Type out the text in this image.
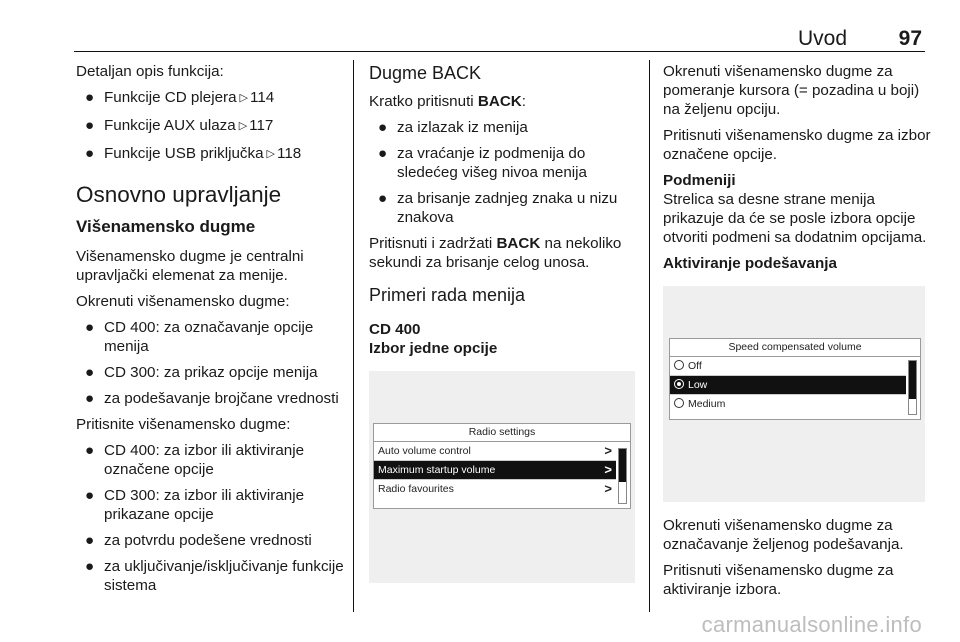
Uvod 97

Detaljan opis funkcija:

● Funkcije CD plejera ▷ 114
● Funkcije AUX ulaza ▷ 117
● Funkcije USB priključka ▷ 118
Osnovno upravljanje
Višenamensko dugme

Višenamensko dugme je centralni upravljački elemenat za menije.

Okrenuti višenamensko dugme:

● CD 400: za označavanje opcije menija
● CD 300: za prikaz opcije menija
● za podešavanje brojčane vrednosti

Pritisnite višenamensko dugme:

● CD 400: za izbor ili aktiviranje označene opcije
● CD 300: za izbor ili aktiviranje prikazane opcije
● za potvrdu podešene vrednosti
● za uključivanje/isključivanje funkcije sistema
Dugme BACK

Kratko pritisnuti BACK:

● za izlazak iz menija
● za vraćanje iz podmenija do sledećeg višeg nivoa menija
● za brisanje zadnjeg znaka u nizu znakova

Pritisnuti i zadržati BACK na nekoliko sekundi za brisanje celog unosa.

Primeri rada menija
CD 400
Izbor jedne opcije
Radio settings
Auto volume control	>
Maximum startup volume	>
Radio favourites	>

Okrenuti višenamensko dugme za pomeranje kursora (= pozadina u boji) na željenu opciju.

Pritisnuti višenamensko dugme za izbor označene opcije.

Podmeniji

Strelica sa desne strane menija prikazuje da će se posle izbora opcije otvoriti podmeni sa dodatnim opcijama.

Aktiviranje podešavanja
Speed compensated volume
Off
Low
Medium

Okrenuti višenamensko dugme za označavanje željenog podešavanja.

Pritisnuti višenamensko dugme za aktiviranje izbora.

carmanualsonline.info
